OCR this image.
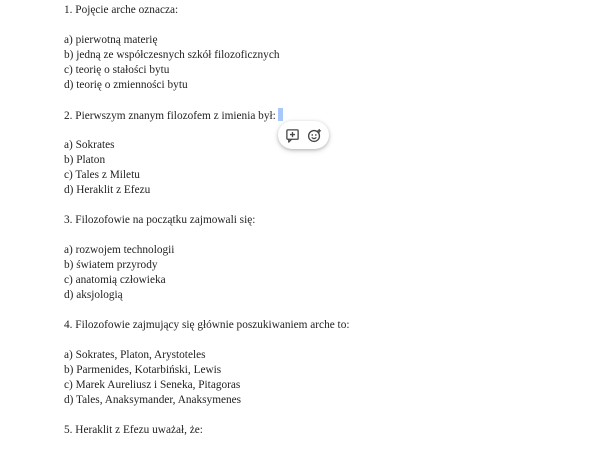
1. Pojęcie arche oznacza:
a) pierwotną materię
b) jedną ze współczesnych szkół filozoficznych
c) teorię o stałości bytu
d) teorię o zmienności bytu
2. Pierwszym znanym filozofem z imienia był:
a) Sokrates
b) Platon
c) Tales z Miletu
d) Heraklit z Efezu
3. Filozofowie na początku zajmowali się:
a) rozwojem technologii
b) światem przyrody
c) anatomią człowieka
d) aksjologią
4. Filozofowie zajmujący się głównie poszukiwaniem arche to:
a) Sokrates, Platon, Arystoteles
b) Parmenides, Kotarbiński, Lewis
c) Marek Aureliusz i Seneka, Pitagoras
d) Tales, Anaksymander, Anaksymenes
5. Heraklit z Efezu uważał, że:
